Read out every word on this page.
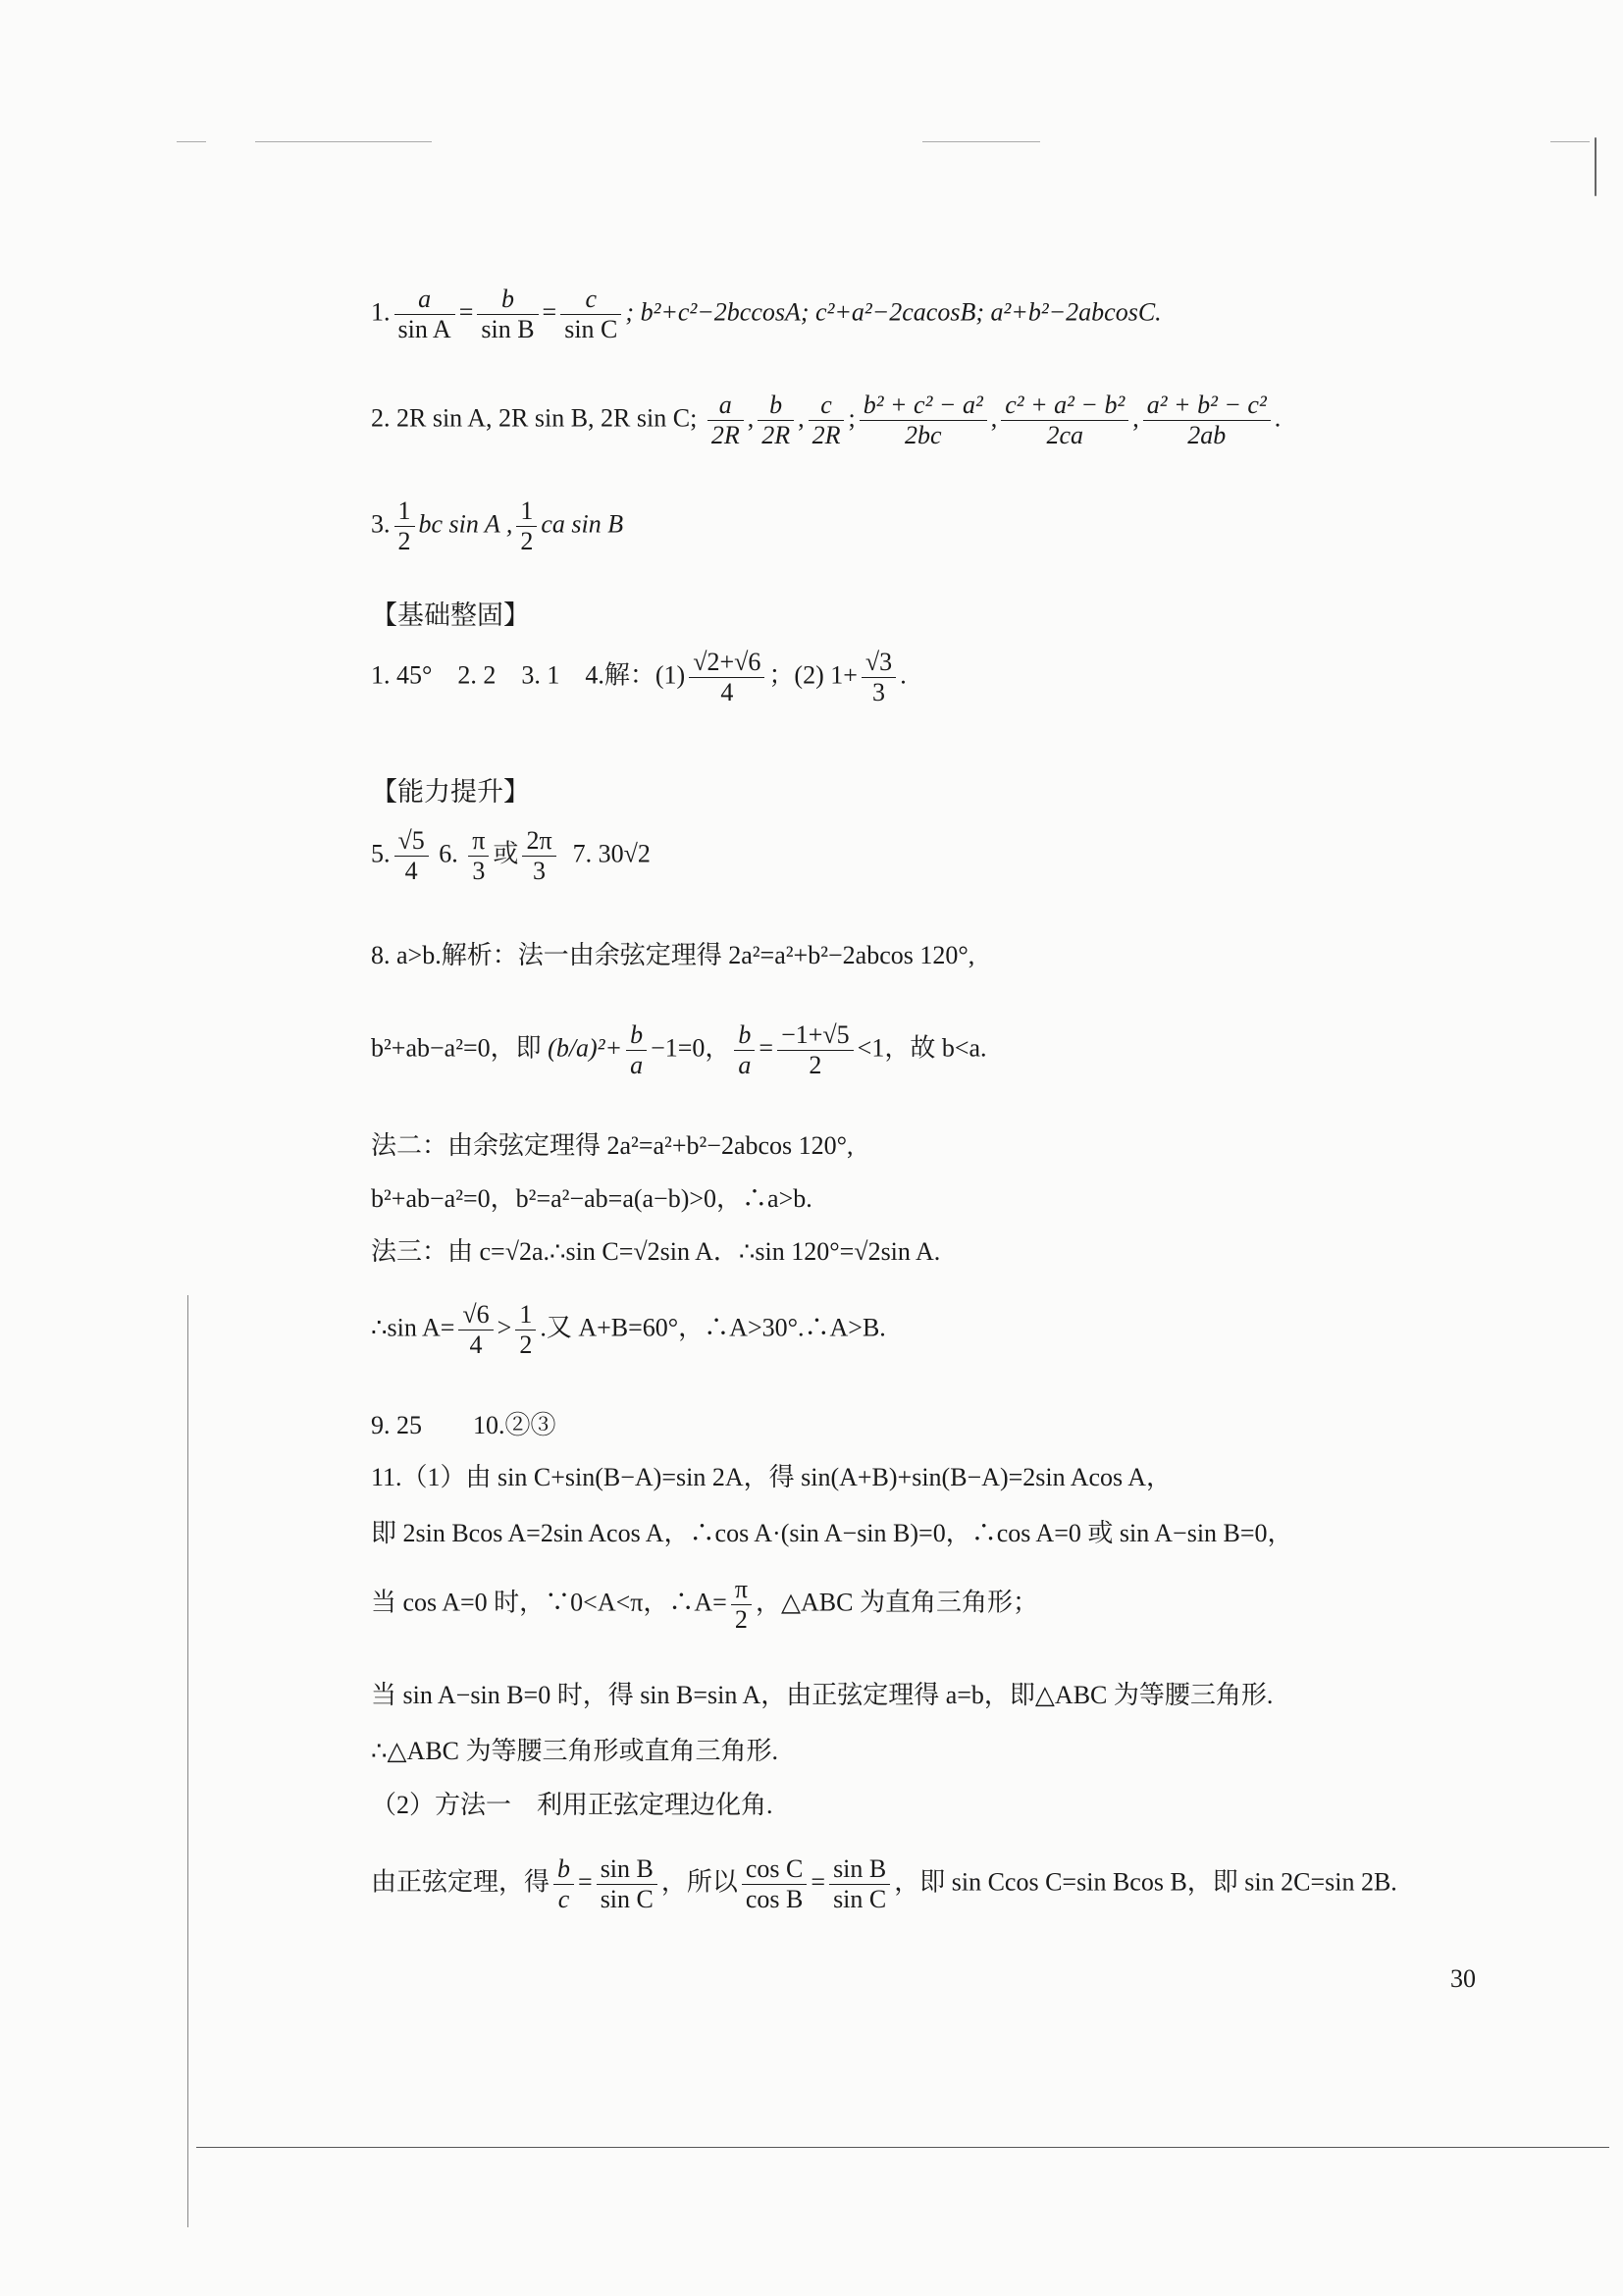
1. $\frac{a}{\text{sin A}} = \frac{b}{\text{sin B}} = \frac{c}{\text{sin C}}$ ; b²+c²−2bccosA; c²+a²−2cacosB; a²+b²−2abcosC.
2. 2R sin A, 2R sin B, 2R sin C; $\frac{a}{2R}$ , $\frac{b}{2R}$ , $\frac{c}{2R}$ ; $\frac{\text{b² + c² − a²}}{2bc}$ , $\frac{\text{c² + a² − b²}}{2ca}$ , $\frac{\text{a² + b² − c²}}{2ab}$ .
3. $\frac{1}{2}$ bc sin A , $\frac{1}{2}$ ca sin B
【基础整固】
1. 45°　2. 2　3. 1　4.解：$(1) \frac{√2+√6}{4}$ ；(2) $1+ \frac{√3}{3}$ .
【能力提升】
5. $\frac{√5}{4} 6$. $\frac{\pi}{3}$ 或 $\frac{2\pi}{3} 7$. 30√2
8. a>b.解析：法一由余弦定理得 2a²=a²+b²−2abcos 120°,
b²+ab−a²=0，即 $(b/a)^2+ \frac{b}{a} -1=0$， $\frac{b}{a} = \frac{-1+√5}{2} <1$，故 b<a.
法二：由余弦定理得 2a²=a²+b²−2abcos 120°,
b²+ab−a²=0，b²=a²−ab=a(a−b)>0，∴a>b.
法三：由 c=√2a.∴sin C=√2sin A．∴sin 120°=√2sin A.
∴sin $A= \frac{√6}{4} > \frac{1}{2}$ .又 A+B=60°，∴A>30°.∴A>B.
9. 25　　10.②③
11.（1）由 sin C+sin(B−A)=sin 2A，得 sin(A+B)+sin(B−A)=2sin Acos A，
即 2sin Bcos A=2sin Acos A，∴cos A·(sin A−sin B)=0，∴cos A=0 或 sin A−sin B=0，
当 cos A=0 时，∵0<A<π，∴A= $\frac{\pi}{2}$ ，△ABC 为直角三角形；
当 sin A−sin B=0 时，得 sin B=sin A，由正弦定理得 a=b，即△ABC 为等腰三角形.
∴△ABC 为等腰三角形或直角三角形.
（2）方法一　利用正弦定理边化角.
由正弦定理，得 $\frac{b}{c} = \frac{\text{sin B}}{\text{sin C}}$ ，所以 $\frac{\text{cos C}}{\text{cos B}} = \frac{\text{sin B}}{\text{sin C}}$ ，即 sin Ccos C=sin Bcos B，即 sin 2C=sin 2B.
30
